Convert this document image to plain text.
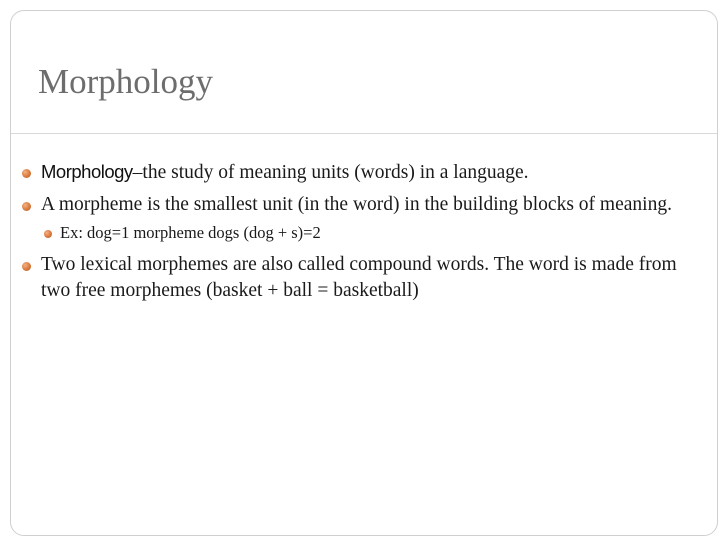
Morphology
Morphology–the study of meaning units (words) in a language.
A morpheme is the smallest unit (in the word) in the building blocks of meaning.
Ex: dog=1 morpheme dogs (dog + s)=2
Two lexical morphemes are also called compound words. The word is made from two free morphemes (basket + ball = basketball)
